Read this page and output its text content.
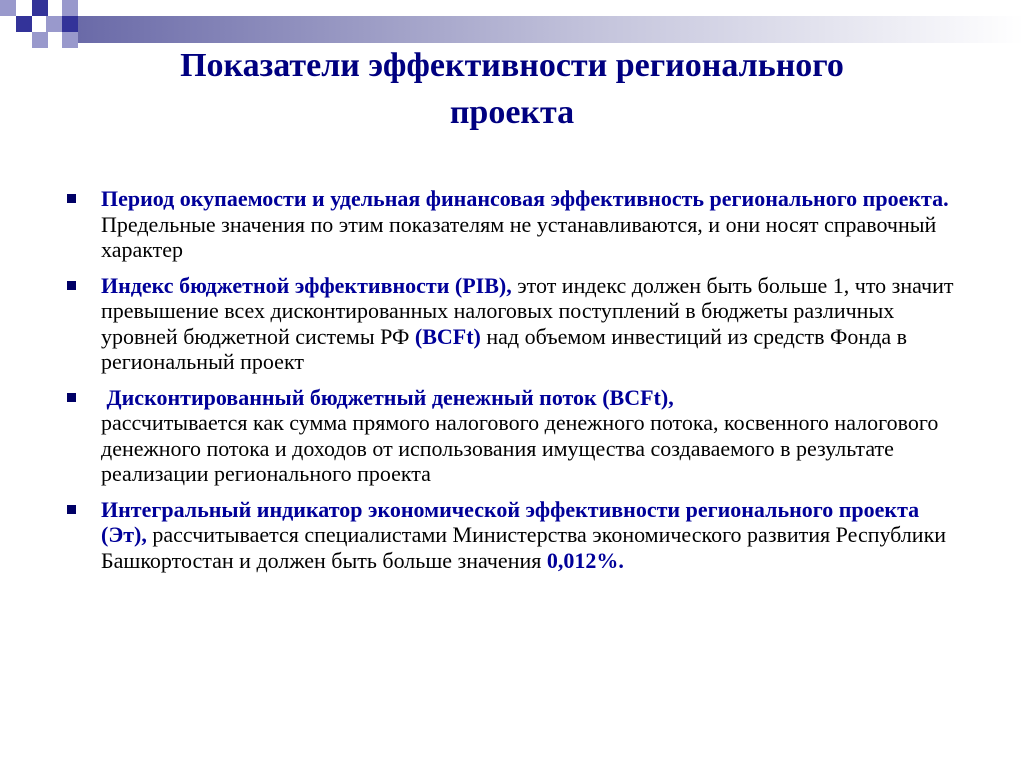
Показатели эффективности регионального
проекта
Период окупаемости и удельная финансовая эффективность регионального проекта. Предельные значения по этим показателям не устанавливаются, и они носят справочный характер
Индекс бюджетной эффективности (PIB), этот индекс должен быть больше 1, что значит превышение всех дисконтированных налоговых поступлений в бюджеты различных уровней бюджетной системы РФ (BCFt) над объемом инвестиций из средств Фонда в региональный проект
Дисконтированный бюджетный денежный поток (BCFt),
рассчитывается как сумма прямого налогового денежного потока, косвенного налогового денежного потока и доходов от использования имущества создаваемого в результате реализации регионального проекта
Интегральный индикатор экономической эффективности регионального проекта (Эт), рассчитывается специалистами Министерства экономического развития Республики Башкортостан и должен быть больше значения 0,012%.
